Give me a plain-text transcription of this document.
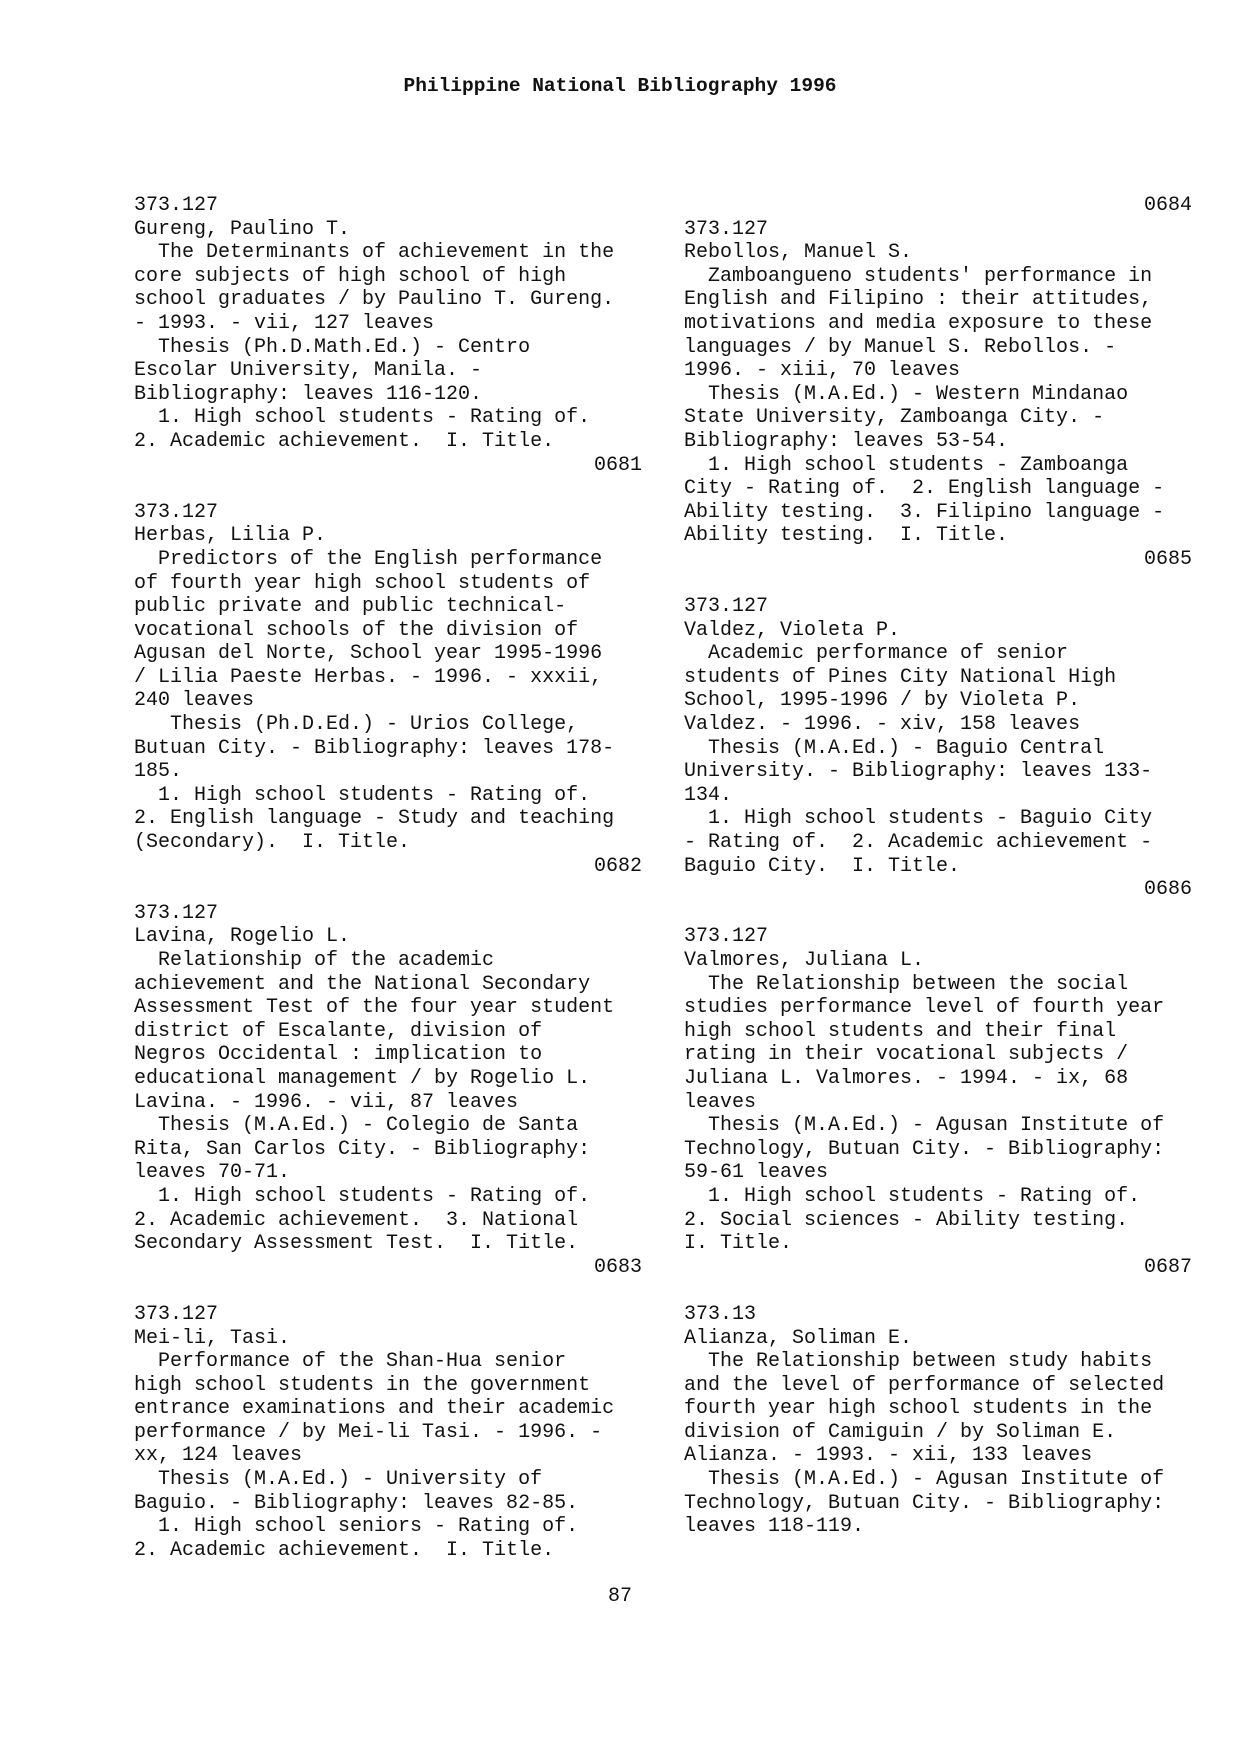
Philippine National Bibliography 1996
373.127
Gureng, Paulino T.
The Determinants of achievement in the
core subjects of high school of high
school graduates / by Paulino T. Gureng.
- 1993. - vii, 127 leaves
Thesis (Ph.D.Math.Ed.) - Centro
Escolar University, Manila. -
Bibliography: leaves 116-120.
1. High school students - Rating of.
2. Academic achievement.  I. Title.
0681
373.127
Herbas, Lilia P.
Predictors of the English performance
of fourth year high school students of
public private and public technical-
vocational schools of the division of
Agusan del Norte, School year 1995-1996
/ Lilia Paeste Herbas. - 1996. - xxxii,
240 leaves
Thesis (Ph.D.Ed.) - Urios College,
Butuan City. - Bibliography: leaves 178-
185.
1. High school students - Rating of.
2. English language - Study and teaching
(Secondary).  I. Title.
0682
373.127
Lavina, Rogelio L.
Relationship of the academic
achievement and the National Secondary
Assessment Test of the four year student
district of Escalante, division of
Negros Occidental : implication to
educational management / by Rogelio L.
Lavina. - 1996. - vii, 87 leaves
Thesis (M.A.Ed.) - Colegio de Santa
Rita, San Carlos City. - Bibliography:
leaves 70-71.
1. High school students - Rating of.
2. Academic achievement.  3. National
Secondary Assessment Test.  I. Title.
0683
373.127
Mei-li, Tasi.
Performance of the Shan-Hua senior
high school students in the government
entrance examinations and their academic
performance / by Mei-li Tasi. - 1996. -
xx, 124 leaves
Thesis (M.A.Ed.) - University of
Baguio. - Bibliography: leaves 82-85.
1. High school seniors - Rating of.
2. Academic achievement.  I. Title.
0684
373.127
Rebollos, Manuel S.
Zamboangueno students' performance in
English and Filipino : their attitudes,
motivations and media exposure to these
languages / by Manuel S. Rebollos. -
1996. - xiii, 70 leaves
Thesis (M.A.Ed.) - Western Mindanao
State University, Zamboanga City. -
Bibliography: leaves 53-54.
1. High school students - Zamboanga
City - Rating of.  2. English language -
Ability testing.  3. Filipino language -
Ability testing.  I. Title.
0685
373.127
Valdez, Violeta P.
Academic performance of senior
students of Pines City National High
School, 1995-1996 / by Violeta P.
Valdez. - 1996. - xiv, 158 leaves
Thesis (M.A.Ed.) - Baguio Central
University. - Bibliography: leaves 133-
134.
1. High school students - Baguio City
- Rating of.  2. Academic achievement -
Baguio City.  I. Title.
0686
373.127
Valmores, Juliana L.
The Relationship between the social
studies performance level of fourth year
high school students and their final
rating in their vocational subjects /
Juliana L. Valmores. - 1994. - ix, 68
leaves
Thesis (M.A.Ed.) - Agusan Institute of
Technology, Butuan City. - Bibliography:
59-61 leaves
1. High school students - Rating of.
2. Social sciences - Ability testing.
I. Title.
0687
373.13
Alianza, Soliman E.
The Relationship between study habits
and the level of performance of selected
fourth year high school students in the
division of Camiguin / by Soliman E.
Alianza. - 1993. - xii, 133 leaves
Thesis (M.A.Ed.) - Agusan Institute of
Technology, Butuan City. - Bibliography:
leaves 118-119.
87
